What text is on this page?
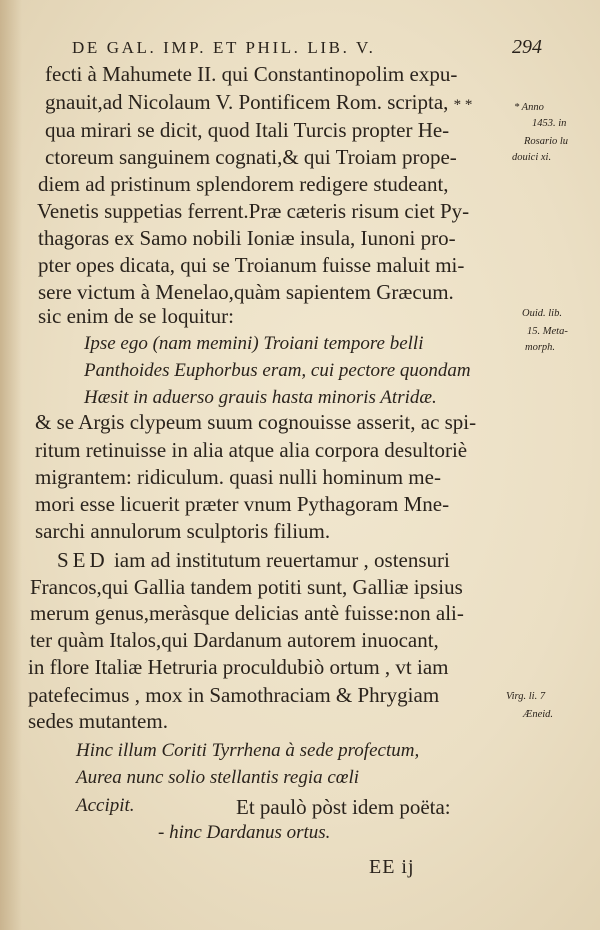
DE GAL. IMP. ET PHIL. LIB. V.	294
fecti à Mahumete II. qui Constantinopolim expu-
gnauit,ad Nicolaum V. Pontificem Rom. scripta, * *
qua mirari se dicit, quod Itali Turcis propter He-
ctoreum sanguinem cognati,& qui Troiam prope-
diem ad pristinum splendorem redigere studeant,
Venetis suppetias ferrent.Præ cæteris risum ciet Py-
thagoras ex Samo nobili Ioniæ insula, Iunoni pro-
pter opes dicata, qui se Troianum fuisse maluit mi-
sere victum à Menelao,quàm sapientem Græcum.
sic enim de se loquitur:
Ipse ego (nam memini) Troiani tempore belli
Panthoides Euphorbus eram, cui pectore quondam
Hæsit in aduerso grauis hasta minoris Atridæ.
& se Argis clypeum suum cognouisse asserit, ac spi-
ritum retinuisse in alia atque alia corpora desultoriè
migrantem: ridiculum. quasi nulli hominum me-
mori esse licuerit præter vnum Pythagoram Mne-
sarchi annulorum sculptoris filium.
SED iam ad institutum reuertamur , ostensuri
Francos,qui Gallia tandem potiti sunt, Galliæ ipsius
merum genus,meràsque delicias antè fuisse:non ali-
ter quàm Italos,qui Dardanum autorem inuocant,
in flore Italiæ Hetruria proculdubiò ortum , vt iam
patefecimus , mox in Samothraciam & Phrygiam
sedes mutantem.
Hinc illum Coriti Tyrrhena à sede profectum,
Aurea nunc solio stellantis regia cœli
Accipit.	Et paulò pòst idem poëta:
- hinc Dardanus ortus.
* Anno
1453. in
Rosario lu
douici xi.
Ouid. lib.
15. Meta-
morph.
Virg. li. 7
Æneid.
EE ij
